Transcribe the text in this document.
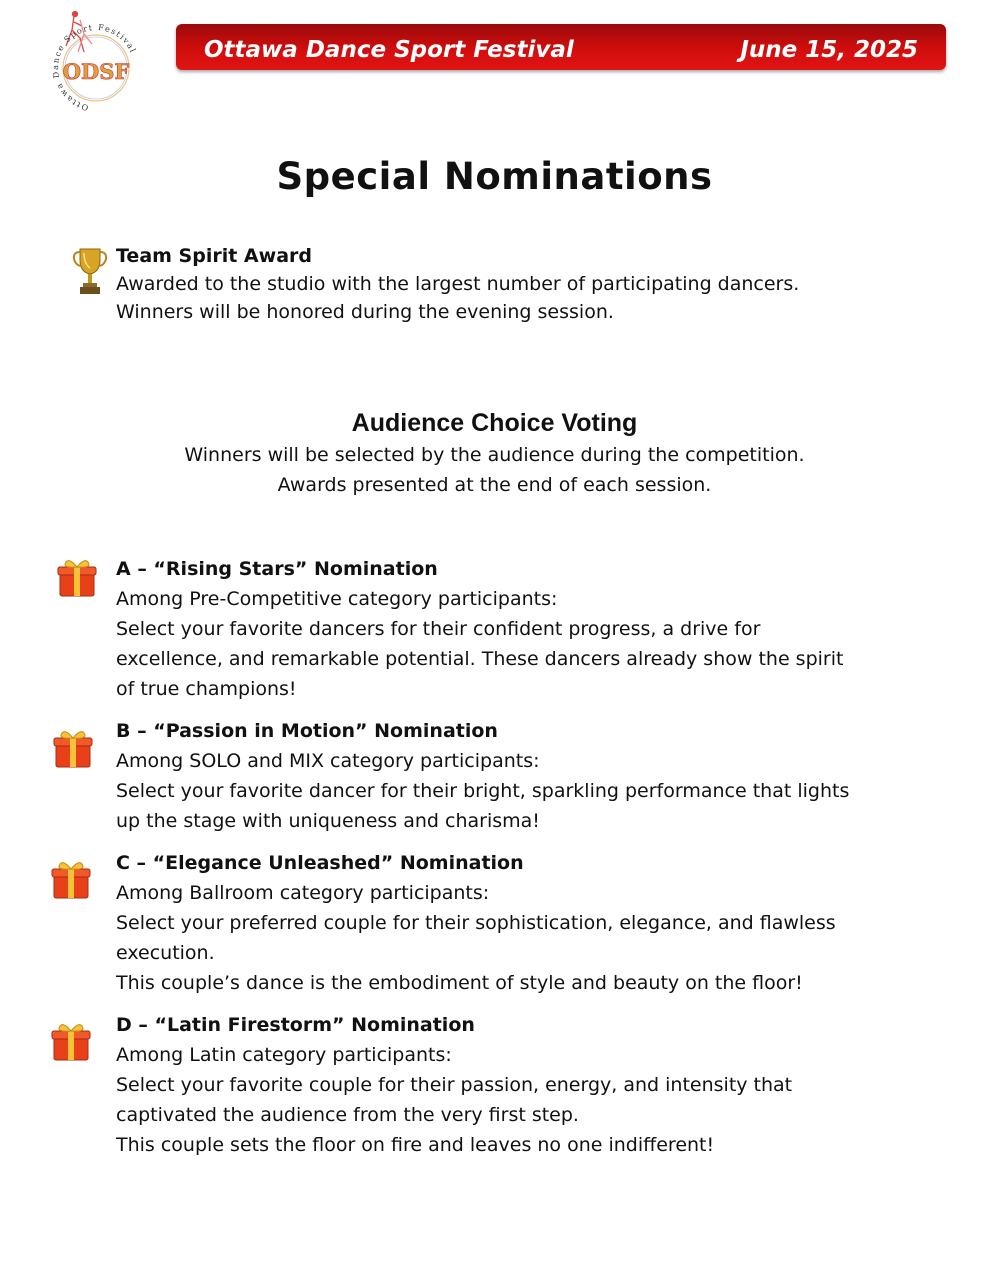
ODSF
Ottawa Dance Sport Festival	Ottawa Dance Sport Festival	June 15, 2025
Special Nominations
Team Spirit Award
Awarded to the studio with the largest number of participating dancers.
Winners will be honored during the evening session.
Audience Choice Voting
Winners will be selected by the audience during the competition.
Awards presented at the end of each session.
A – “Rising Stars” Nomination
Among Pre-Competitive category participants:
Select your favorite dancers for their confident progress, a drive for
excellence, and remarkable potential. These dancers already show the spirit
of true champions!
B – “Passion in Motion” Nomination
Among SOLO and MIX category participants:
Select your favorite dancer for their bright, sparkling performance that lights
up the stage with uniqueness and charisma!
C – “Elegance Unleashed” Nomination
Among Ballroom category participants:
Select your preferred couple for their sophistication, elegance, and flawless
execution.
This couple’s dance is the embodiment of style and beauty on the floor!
D – “Latin Firestorm” Nomination
Among Latin category participants:
Select your favorite couple for their passion, energy, and intensity that
captivated the audience from the very first step.
This couple sets the floor on fire and leaves no one indifferent!
